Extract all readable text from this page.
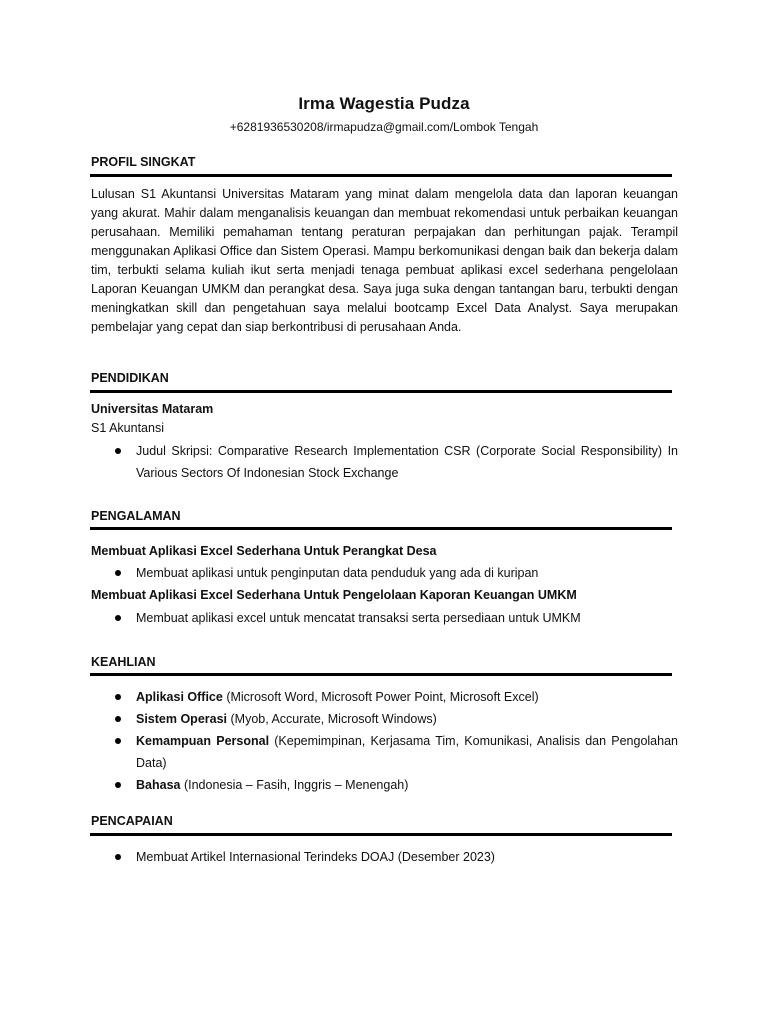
Irma Wagestia Pudza
+6281936530208/irmapudza@gmail.com/Lombok Tengah
PROFIL SINGKAT
Lulusan S1 Akuntansi Universitas Mataram yang minat dalam mengelola data dan laporan keuangan yang akurat. Mahir dalam menganalisis keuangan dan membuat rekomendasi untuk perbaikan keuangan perusahaan. Memiliki pemahaman tentang peraturan perpajakan dan perhitungan pajak. Terampil menggunakan Aplikasi Office dan Sistem Operasi. Mampu berkomunikasi dengan baik dan bekerja dalam tim, terbukti selama kuliah ikut serta menjadi tenaga pembuat aplikasi excel sederhana pengelolaan Laporan Keuangan UMKM dan perangkat desa. Saya juga suka dengan tantangan baru, terbukti dengan meningkatkan skill dan pengetahuan saya melalui bootcamp Excel Data Analyst. Saya merupakan pembelajar yang cepat dan siap berkontribusi di perusahaan Anda.
PENDIDIKAN
Universitas Mataram
S1 Akuntansi
Judul Skripsi: Comparative Research Implementation CSR (Corporate Social Responsibility) In Various Sectors Of Indonesian Stock Exchange
PENGALAMAN
Membuat Aplikasi Excel Sederhana Untuk Perangkat Desa
Membuat aplikasi untuk penginputan data penduduk yang ada di kuripan
Membuat Aplikasi Excel Sederhana Untuk Pengelolaan Kaporan Keuangan UMKM
Membuat aplikasi excel untuk mencatat transaksi serta persediaan untuk UMKM
KEAHLIAN
Aplikasi Office (Microsoft Word, Microsoft Power Point, Microsoft Excel)
Sistem Operasi (Myob, Accurate, Microsoft Windows)
Kemampuan Personal (Kepemimpinan, Kerjasama Tim, Komunikasi, Analisis dan Pengolahan Data)
Bahasa (Indonesia – Fasih, Inggris – Menengah)
PENCAPAIAN
Membuat Artikel Internasional Terindeks DOAJ (Desember 2023)
